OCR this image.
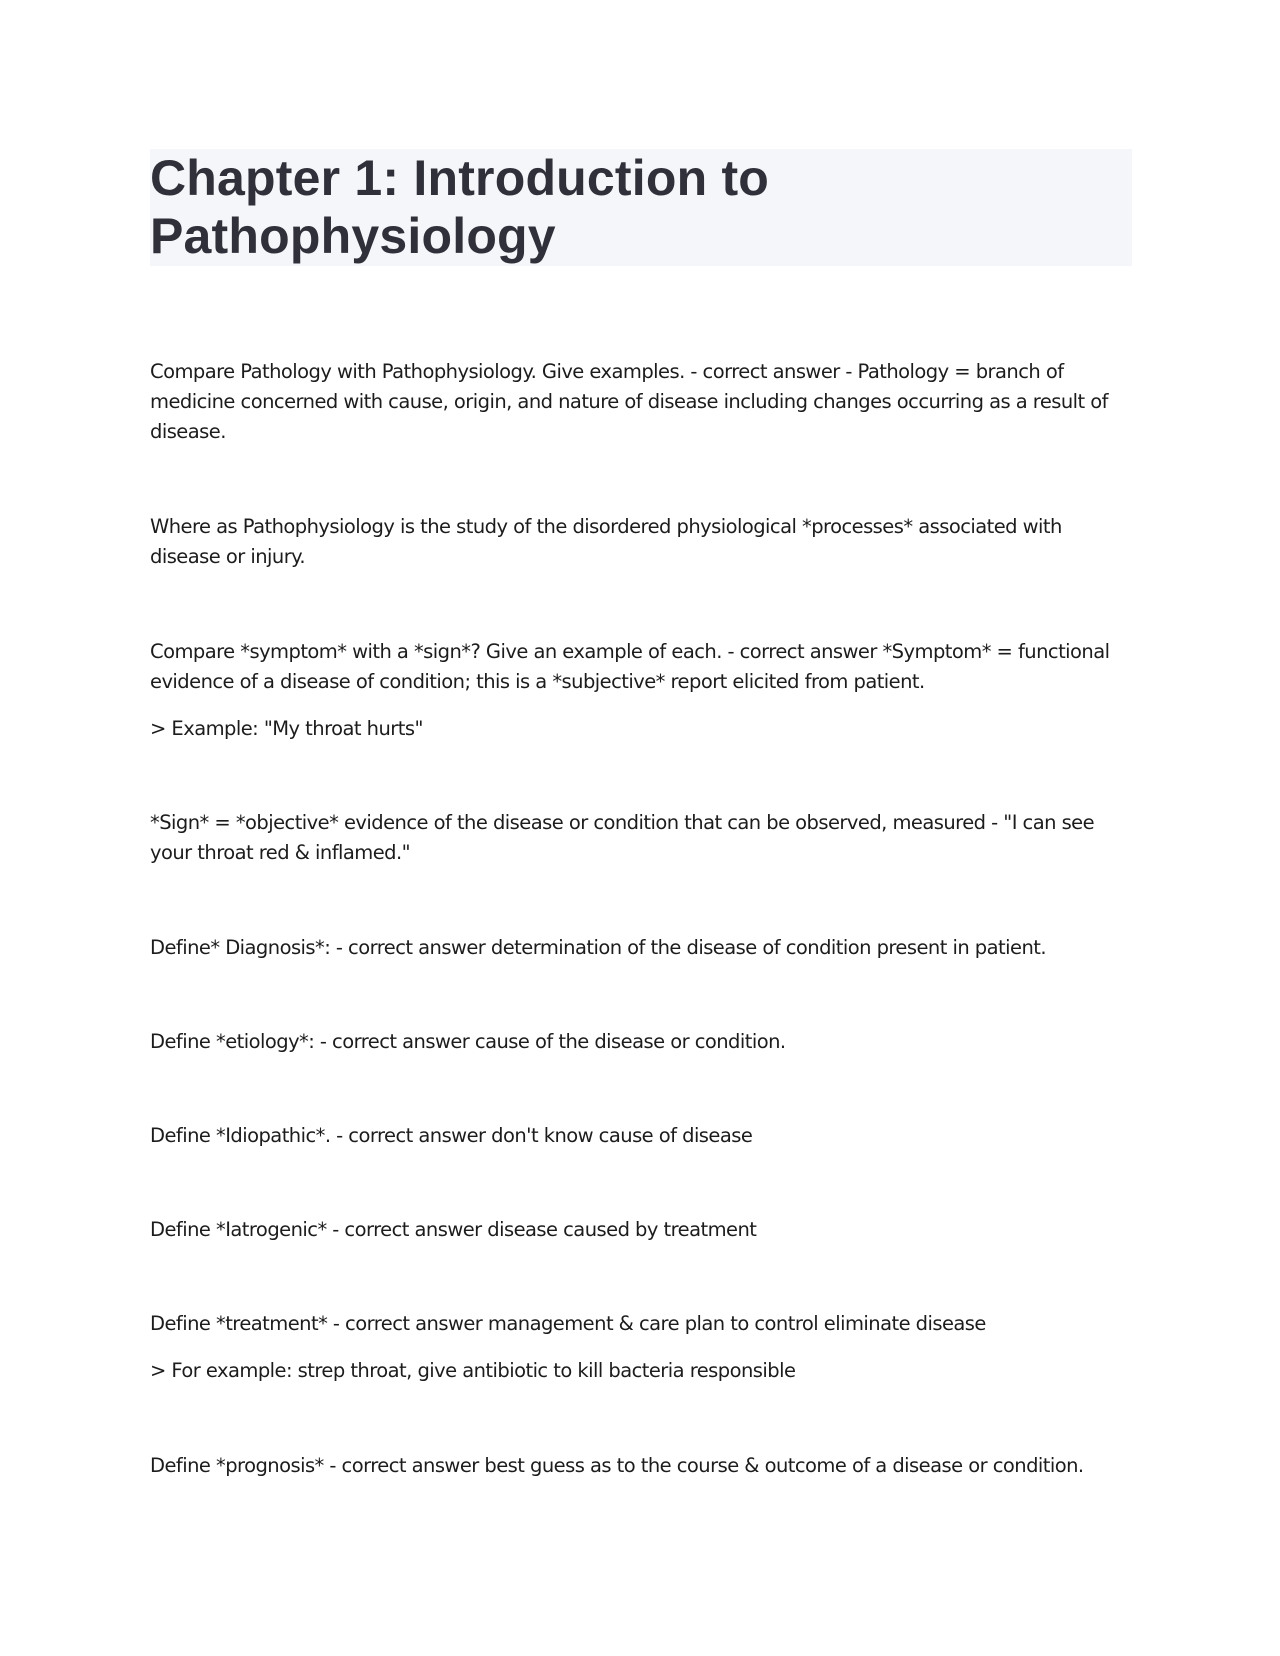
Chapter 1: Introduction to Pathophysiology

Compare Pathology with Pathophysiology. Give examples. - correct answer - Pathology = branch of medicine concerned with cause, origin, and nature of disease including changes occurring as a result of disease.

Where as Pathophysiology is the study of the disordered physiological *processes* associated with disease or injury.

Compare *symptom* with a *sign*? Give an example of each. - correct answer *Symptom* = functional evidence of a disease of condition; this is a *subjective* report elicited from patient.

> Example: "My throat hurts"

*Sign* = *objective* evidence of the disease or condition that can be observed, measured - "I can see your throat red & inflamed."

Define* Diagnosis*: - correct answer determination of the disease of condition present in patient.

Define *etiology*: - correct answer cause of the disease or condition.

Define *Idiopathic*. - correct answer don't know cause of disease

Define *Iatrogenic* - correct answer disease caused by treatment

Define *treatment* - correct answer management & care plan to control eliminate disease

> For example: strep throat, give antibiotic to kill bacteria responsible

Define *prognosis* - correct answer best guess as to the course & outcome of a disease or condition.
